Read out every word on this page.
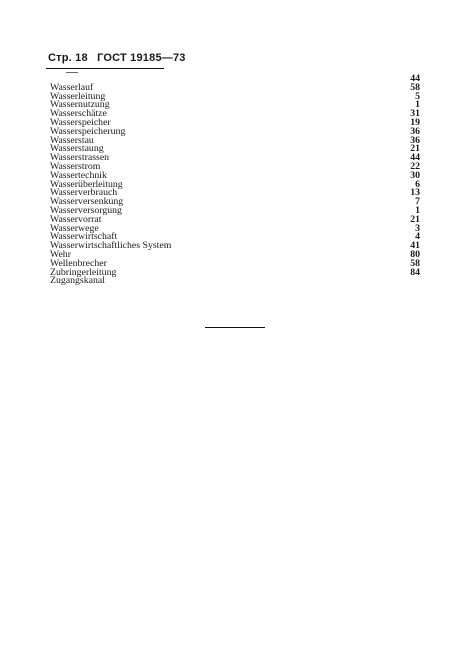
Стр. 18 ГОСТ 19185—73
44
Wasserlauf	58
Wasserleitung	5
Wassernutzung	1
Wasserschätze	31
Wasserspeicher	19
Wasserspeicherung	36
Wasserstau	36
Wasserstaung	21
Wasserstrassen	44
Wasserstrom	22
Wassertechnik	30
Wasserüberleitung	6
Wasserverbrauch	13
Wasserversenkung	7
Wasserversorgung	1
Wasservorrat	21
Wasserwege	3
Wasserwirtschaft	4
Wasserwirtschaftliches System	41
Wehr	80
Wellenbrecher	58
Zubringerleitung	84
Zugangskanal
